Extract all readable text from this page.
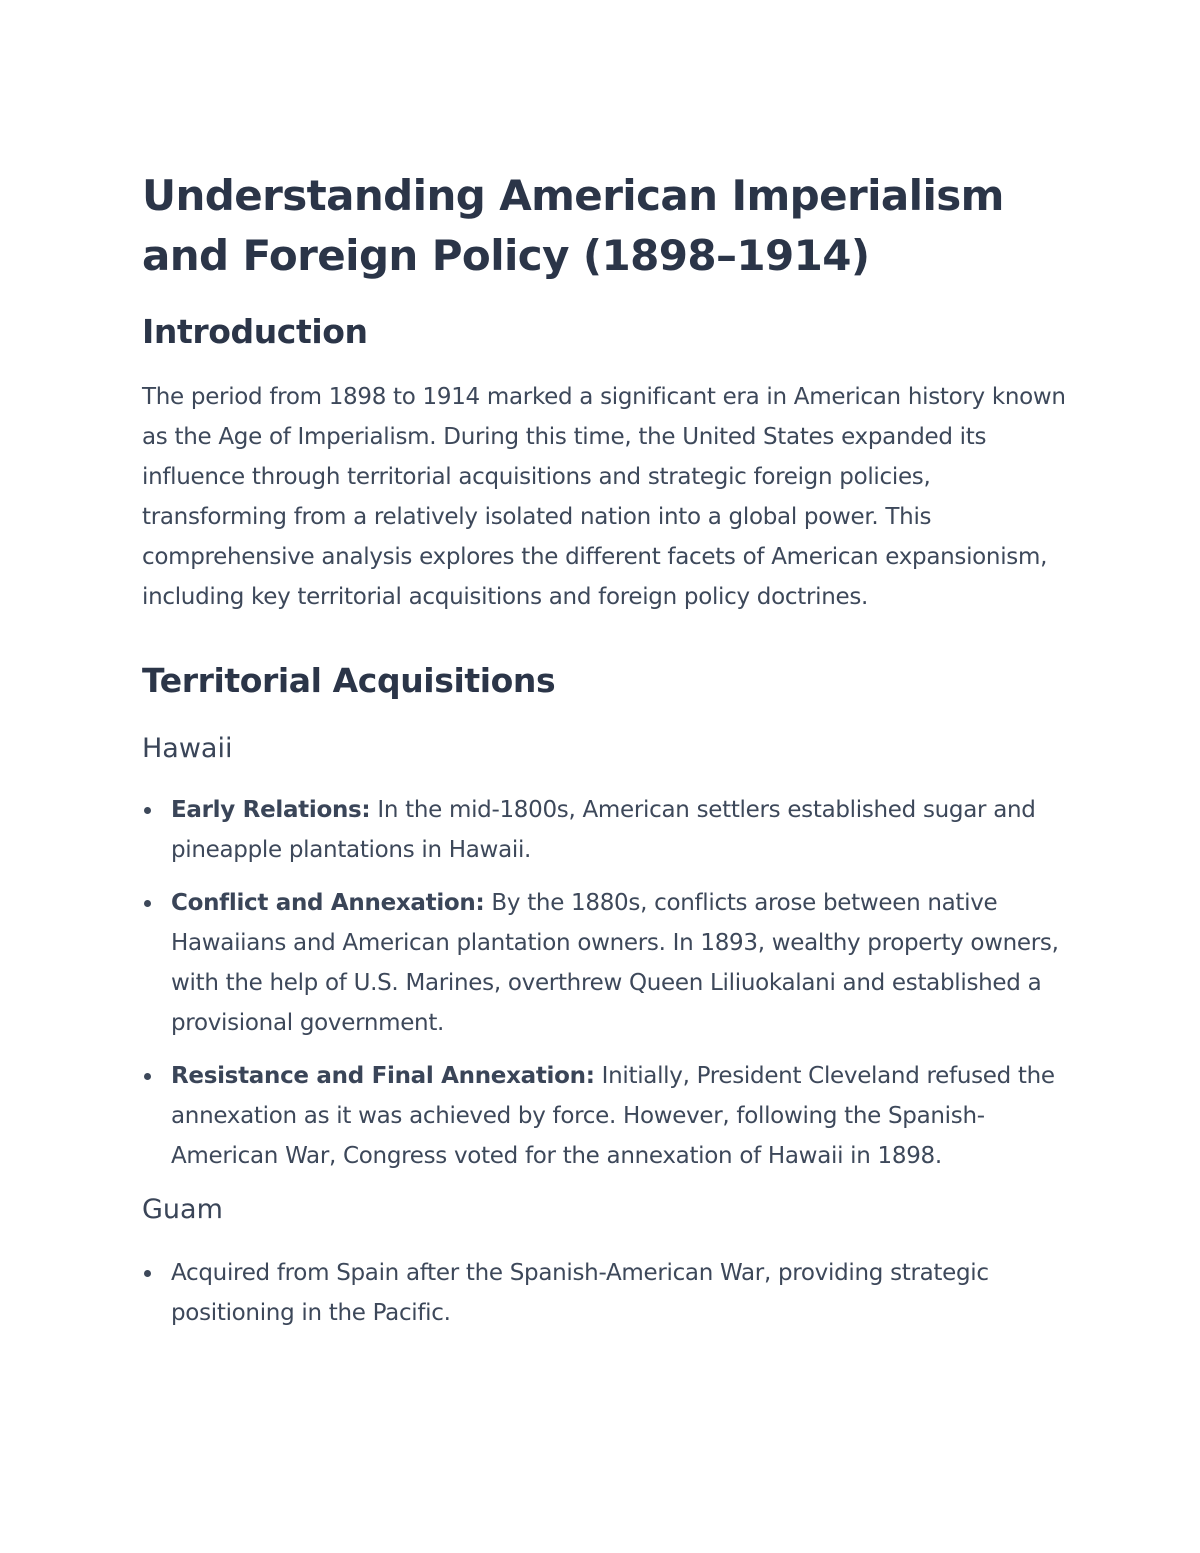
Understanding American Imperialism
and Foreign Policy (1898–1914)
Introduction

The period from 1898 to 1914 marked a significant era in American history known as the Age of Imperialism. During this time, the United States expanded its influence through territorial acquisitions and strategic foreign policies, transforming from a relatively isolated nation into a global power. This comprehensive analysis explores the different facets of American expansionism, including key territorial acquisitions and foreign policy doctrines.

Territorial Acquisitions
Hawaii
Early Relations: In the mid-1800s, American settlers established sugar and pineapple plantations in Hawaii.
Conflict and Annexation: By the 1880s, conflicts arose between native Hawaiians and American plantation owners. In 1893, wealthy property owners, with the help of U.S. Marines, overthrew Queen Liliuokalani and established a provisional government.
Resistance and Final Annexation: Initially, President Cleveland refused the annexation as it was achieved by force. However, following the Spanish-American War, Congress voted for the annexation of Hawaii in 1898.
Guam
Acquired from Spain after the Spanish-American War, providing strategic positioning in the Pacific.
